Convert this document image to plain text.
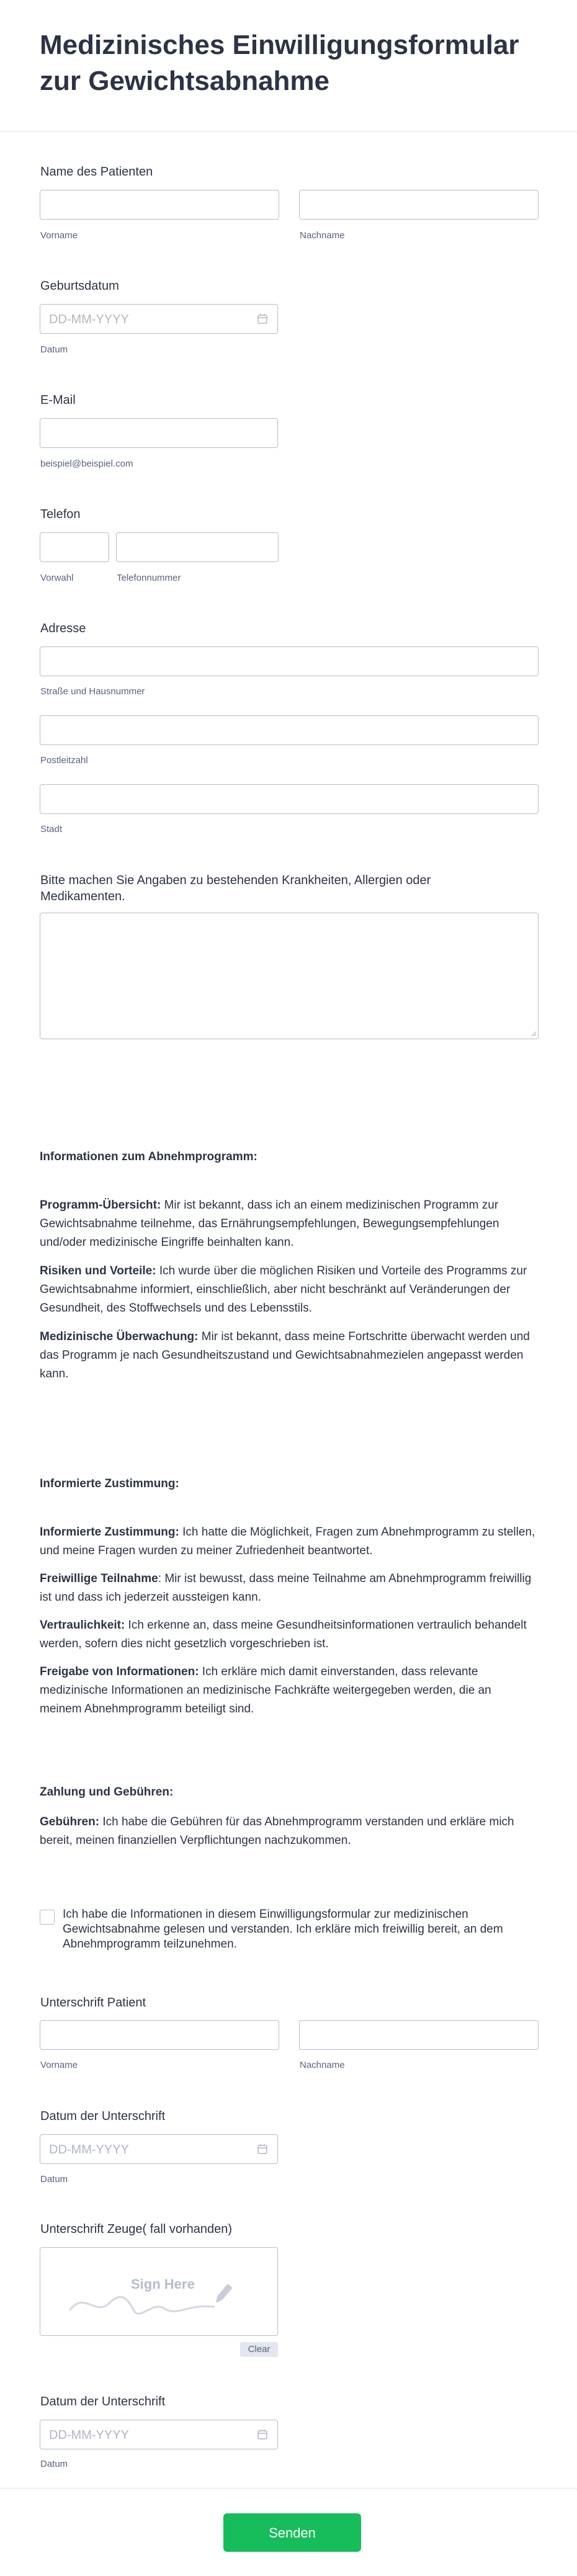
Medizinisches Einwilligungsformular zur Gewichtsabnahme
Name des Patienten
Vorname	Nachname
Geburtsdatum
DD-MM-YYYY
Datum
E-Mail
beispiel@beispiel.com
Telefon
Vorwahl	Telefonnummer
Adresse
Straße und Hausnummer
Postleitzahl
Stadt
Bitte machen Sie Angaben zu bestehenden Krankheiten, Allergien oder Medikamenten.
Informationen zum Abnehmprogramm:
Programm-Übersicht: Mir ist bekannt, dass ich an einem medizinischen Programm zur Gewichtsabnahme teilnehme, das Ernährungsempfehlungen, Bewegungsempfehlungen und/oder medizinische Eingriffe beinhalten kann.
Risiken und Vorteile: Ich wurde über die möglichen Risiken und Vorteile des Programms zur Gewichtsabnahme informiert, einschließlich, aber nicht beschränkt auf Veränderungen der Gesundheit, des Stoffwechsels und des Lebensstils.
Medizinische Überwachung: Mir ist bekannt, dass meine Fortschritte überwacht werden und das Programm je nach Gesundheitszustand und Gewichtsabnahmezielen angepasst werden kann.
Informierte Zustimmung:
Informierte Zustimmung: Ich hatte die Möglichkeit, Fragen zum Abnehmprogramm zu stellen, und meine Fragen wurden zu meiner Zufriedenheit beantwortet.
Freiwillige Teilnahme: Mir ist bewusst, dass meine Teilnahme am Abnehmprogramm freiwillig ist und dass ich jederzeit aussteigen kann.
Vertraulichkeit: Ich erkenne an, dass meine Gesundheitsinformationen vertraulich behandelt werden, sofern dies nicht gesetzlich vorgeschrieben ist.
Freigabe von Informationen: Ich erkläre mich damit einverstanden, dass relevante medizinische Informationen an medizinische Fachkräfte weitergegeben werden, die an meinem Abnehmprogramm beteiligt sind.
Zahlung und Gebühren:
Gebühren: Ich habe die Gebühren für das Abnehmprogramm verstanden und erkläre mich bereit, meinen finanziellen Verpflichtungen nachzukommen.
Ich habe die Informationen in diesem Einwilligungsformular zur medizinischen Gewichtsabnahme gelesen und verstanden. Ich erkläre mich freiwillig bereit, an dem Abnehmprogramm teilzunehmen.
Unterschrift Patient
Vorname	Nachname
Datum der Unterschrift
DD-MM-YYYY
Datum
Unterschrift Zeuge( fall vorhanden)
Sign Here
Clear
Datum der Unterschrift
DD-MM-YYYY
Datum
Senden
